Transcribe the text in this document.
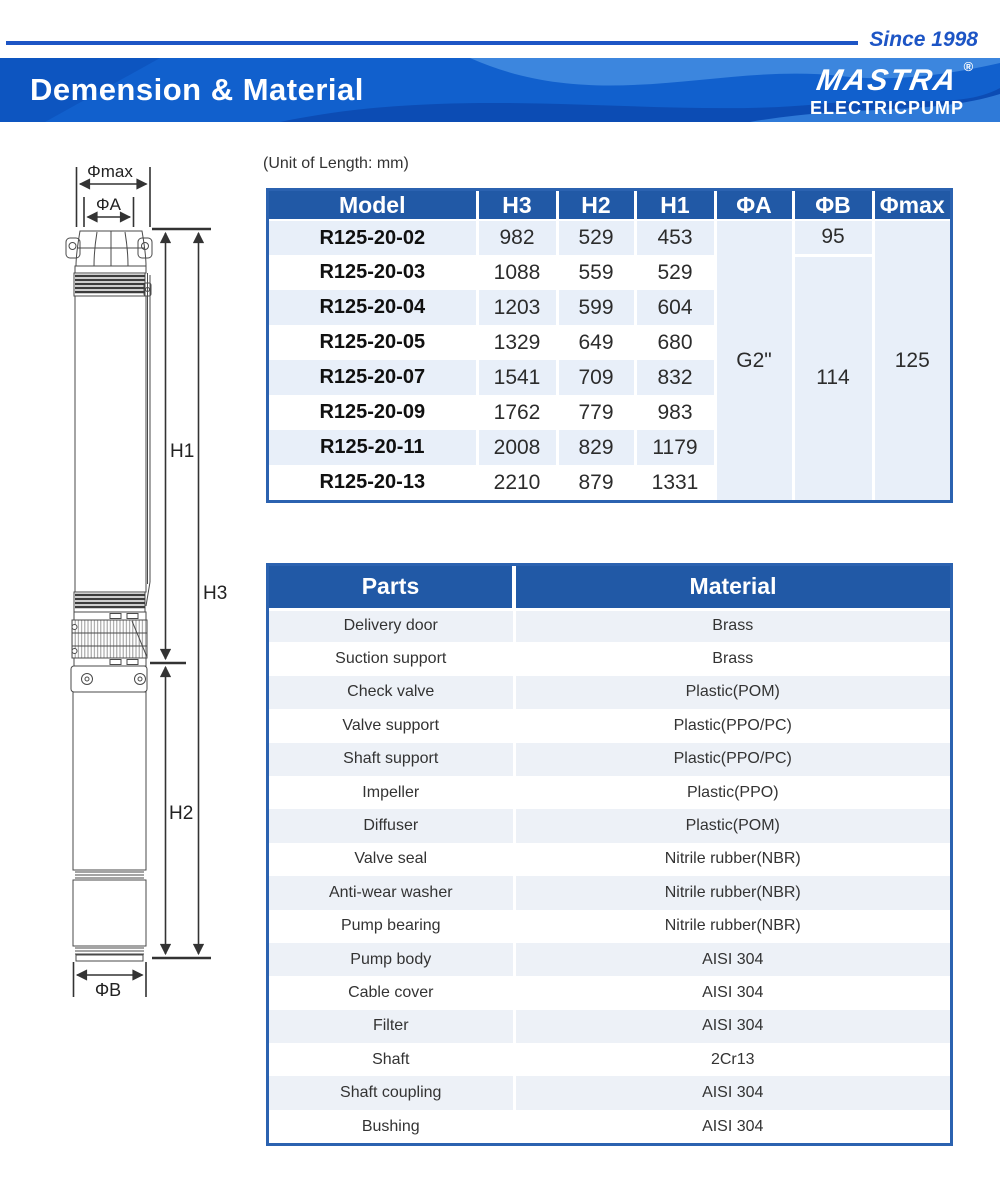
Since 1998
Demension & Material	MASTRA ®
ELECTRICPUMP
(Unit of Length: mm)
Φmax
ΦA
H1
H3
H2
ΦB
Model	H3	H2	H1	ΦA	ΦB	Φmax
R125-20-02	982	529	453	G2"	95	125
R125-20-03	1088	559	529		114	
R125-20-04	1203	599	604			
R125-20-05	1329	649	680			
R125-20-07	1541	709	832			
R125-20-09	1762	779	983			
R125-20-11	2008	829	1179			
R125-20-13	2210	879	1331			
Parts	Material
Delivery door	Brass
Suction support	Brass
Check valve	Plastic(POM)
Valve support	Plastic(PPO/PC)
Shaft support	Plastic(PPO/PC)
Impeller	Plastic(PPO)
Diffuser	Plastic(POM)
Valve seal	Nitrile rubber(NBR)
Anti-wear washer	Nitrile rubber(NBR)
Pump bearing	Nitrile rubber(NBR)
Pump body	AISI 304
Cable cover	AISI 304
Filter	AISI 304
Shaft	2Cr13
Shaft coupling	AISI 304
Bushing	AISI 304
